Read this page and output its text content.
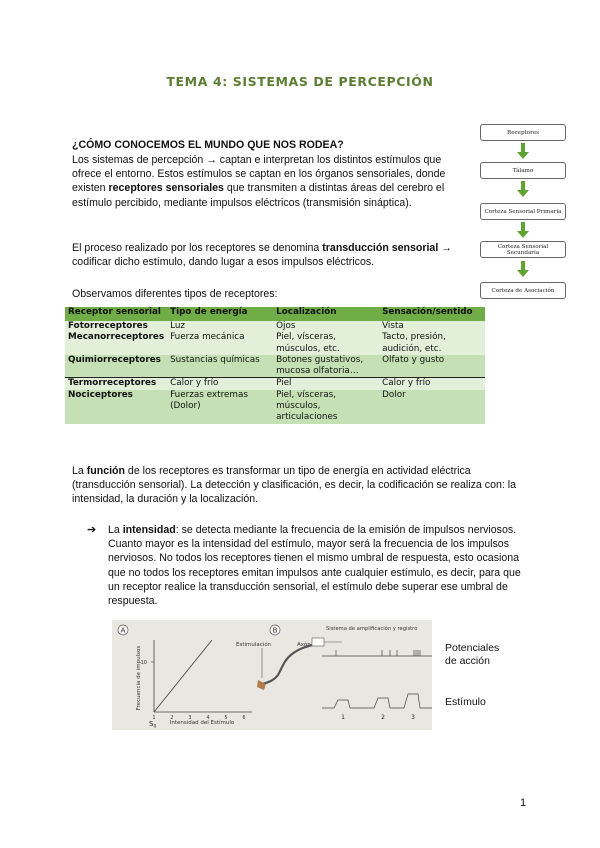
TEMA 4: SISTEMAS DE PERCEPCIÓN
Receptores
Tálamo
Corteza Sensorial Primaria
Corteza Sensorial Secundaria
Corteza de Asociación
¿CÓMO CONOCEMOS EL MUNDO QUE NOS RODEA?
Los sistemas de percepción → captan e interpretan los distintos estímulos que ofrece el entorno. Estos estímulos se captan en los órganos sensoriales, donde existen receptores sensoriales que transmiten a distintas áreas del cerebro el estímulo percibido, mediante impulsos eléctricos (transmisión sináptica).
El proceso realizado por los receptores se denomina transducción sensorial → codificar dicho estímulo, dando lugar a esos impulsos eléctricos.
Observamos diferentes tipos de receptores:
Receptor sensorial	Tipo de energía	Localización	Sensación/sentido
Fotorreceptores	Luz	Ojos	Vista
Mecanorreceptores	Fuerza mecánica	Piel, vísceras, músculos, etc.	Tacto, presión, audición, etc.
Quimiorreceptores	Sustancias químicas	Botones gustativos, mucosa olfatoria…	Olfato y gusto
Termorreceptores	Calor y frío	Piel	Calor y frío
Nociceptores	Fuerzas extremas (Dolor)	Piel, vísceras, músculos, articulaciones	Dolor
La función de los receptores es transformar un tipo de energía en actividad eléctrica (transducción sensorial). La detección y clasificación, es decir, la codificación se realiza con: la intensidad, la duración y la localización.
➔ La intensidad: se detecta mediante la frecuencia de la emisión de impulsos nerviosos. Cuanto mayor es la intensidad del estímulo, mayor será la frecuencia de los impulsos nerviosos. No todos los receptores tienen el mismo umbral de respuesta, esto ocasiona que no todos los receptores emitan impulsos ante cualquier estímulo, es decir, para que un receptor realice la transducción sensorial, el estímulo debe superar ese umbral de respuesta.
A
10
Frecuencia de impulsos
1	2	3	4	5	6
Intensidad del Estímulo
$S_0$
B
Estimulación	Axón
Sistema de amplificación y registro
1	2	3
Potenciales de acción
Estímulo
1
